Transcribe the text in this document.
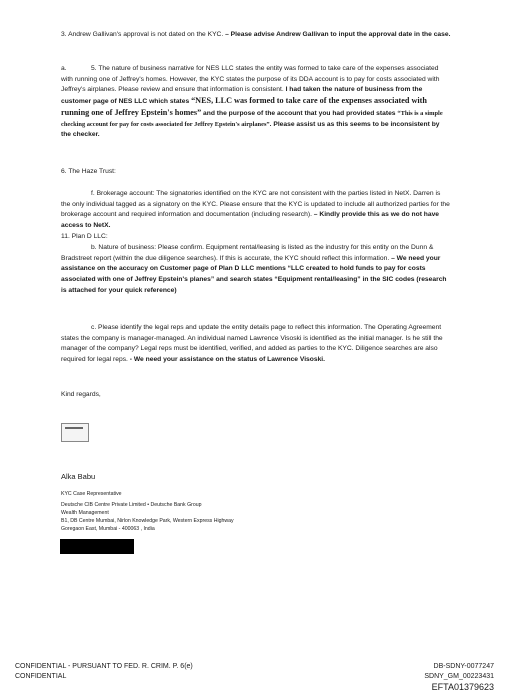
3. Andrew Gallivan's approval is not dated on the KYC. – Please advise Andrew Gallivan to input the approval date in the case.

a.	5. The nature of business narrative for NES LLC states the entity was formed to take care of the expenses associated with running one of Jeffrey's homes. However, the KYC states the purpose of its DDA account is to pay for costs associated with Jeffrey's airplanes. Please review and ensure that information is consistent. I had taken the nature of business from the customer page of NES LLC which states “NES, LLC was formed to take care of the expenses associated with running one of Jeffrey Epstein's homes” and the purpose of the account that you had provided states “This is a simple checking account for pay for costs associated for Jeffrey Epstein's airplanes”. Please assist us as this seems to be inconsistent by the checker.

6. The Haze Trust:

f. Brokerage account: The signatories identified on the KYC are not consistent with the parties listed in NetX. Darren is the only individual tagged as a signatory on the KYC. Please ensure that the KYC is updated to include all authorized parties for the brokerage account and required information and documentation (including research). – Kindly provide this as we do not have access to NetX.

11. Plan D LLC:

b. Nature of business: Please confirm. Equipment rental/leasing is listed as the industry for this entity on the Dunn & Bradstreet report (within the due diligence searches). If this is accurate, the KYC should reflect this information. – We need your assistance on the accuracy on Customer page of Plan D LLC mentions “LLC created to hold funds to pay for costs associated with one of Jeffrey Epstein's planes” and search states “Equipment rental/leasing” in the SIC codes (research is attached for your quick reference)

c. Please identify the legal reps and update the entity details page to reflect this information. The Operating Agreement states the company is manager-managed. An individual named Lawrence Visoski is identified as the initial manager. Is he still the manager of the company? Legal reps must be identified, verified, and added as parties to the KYC. Diligence searches are also required for legal reps. - We need your assistance on the status of Lawrence Visoski.

Kind regards,

Alka Babu
KYC Case Representative
Deutsche CIB Centre Private Limited • Deutsche Bank Group
Wealth Management
B1, DB Centre Mumbai, Nirlon Knowledge Park, Western Express Highway
Goregaon East, Mumbai - 400063 , India
CONFIDENTIAL - PURSUANT TO FED. R. CRIM. P. 6(e)
CONFIDENTIAL
DB-SDNY-0077247
SDNY_GM_00223431
EFTA01379623
